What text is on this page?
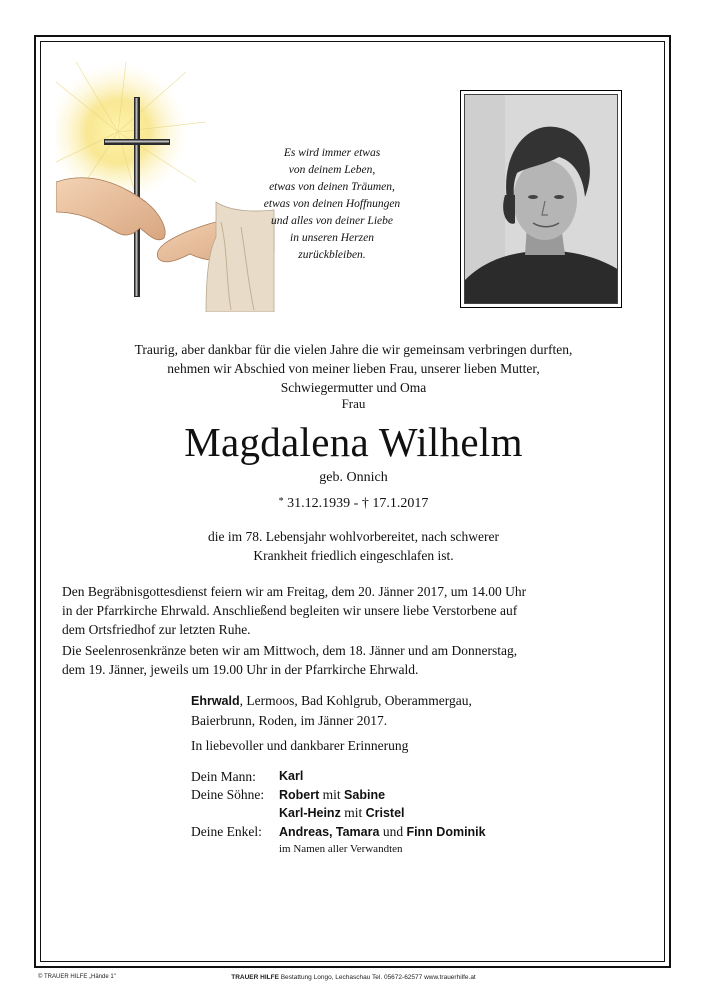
Es wird immer etwas
von deinem Leben,
etwas von deinen Träumen,
etwas von deinen Hoffnungen
und alles von deiner Liebe
in unseren Herzen
zurückbleiben.
Traurig, aber dankbar für die vielen Jahre die wir gemeinsam verbringen durften,
nehmen wir Abschied von meiner lieben Frau, unserer lieben Mutter,
Schwiegermutter und Oma
Frau
Magdalena Wilhelm
geb. Onnich
* 31.12.1939 - † 17.1.2017
die im 78. Lebensjahr wohlvorbereitet, nach schwerer
Krankheit friedlich eingeschlafen ist.
Den Begräbnisgottesdienst feiern wir am Freitag, dem 20. Jänner 2017, um 14.00 Uhr
in der Pfarrkirche Ehrwald. Anschließend begleiten wir unsere liebe Verstorbene auf
dem Ortsfriedhof zur letzten Ruhe.
Die Seelenrosenkränze beten wir am Mittwoch, dem 18. Jänner und am Donnerstag,
dem 19. Jänner, jeweils um 19.00 Uhr in der Pfarrkirche Ehrwald.
Ehrwald, Lermoos, Bad Kohlgrub, Oberammergau,
Baierbrunn, Roden, im Jänner 2017.
In liebevoller und dankbarer Erinnerung
Dein Mann:	Karl
Deine Söhne:	Robert mit Sabine
Karl-Heinz mit Cristel
Deine Enkel:	Andreas, Tamara und Finn Dominik
im Namen aller Verwandten
© TRAUER HILFE „Hände 1"	TRAUER HILFE Bestattung Longo, Lechaschau Tel. 05672-62577 www.trauerhilfe.at
